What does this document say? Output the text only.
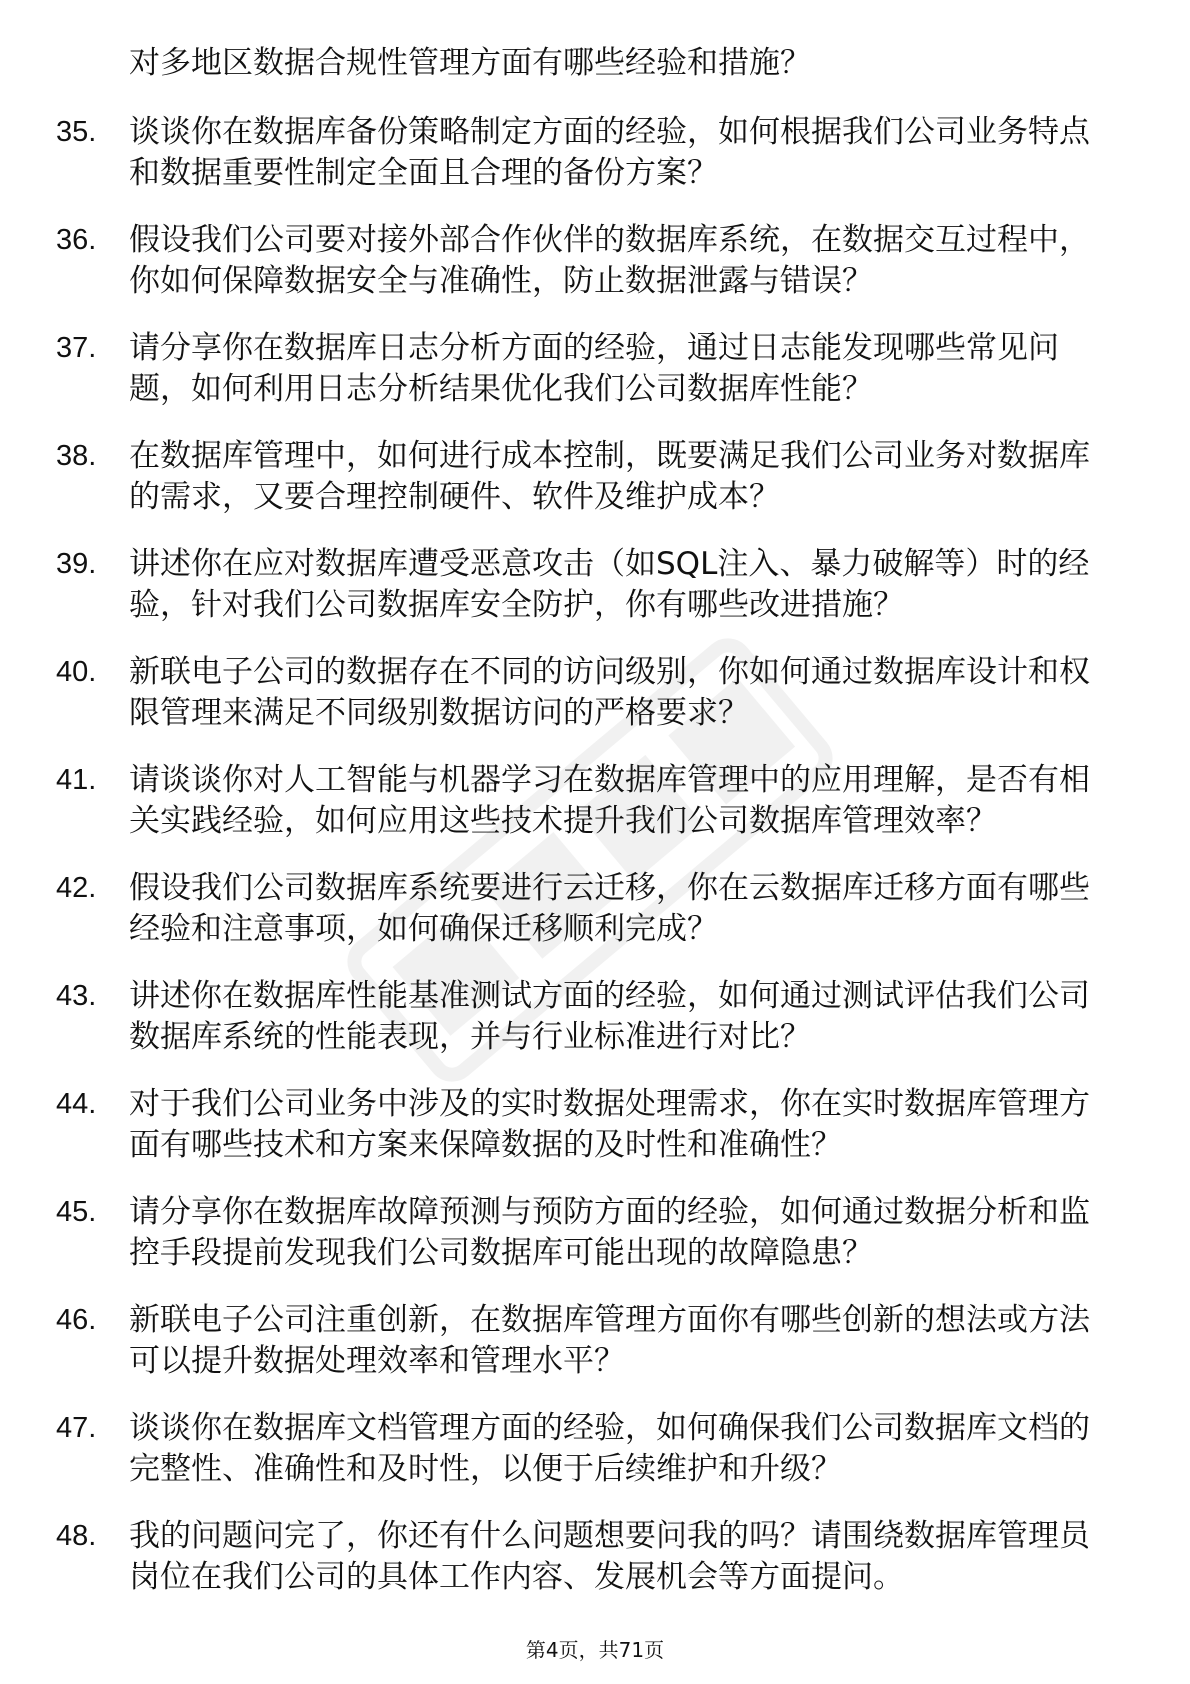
对多地区数据合规性管理方面有哪些经验和措施？
35.	谈谈你在数据库备份策略制定方面的经验，如何根据我们公司业务特点和数据重要性制定全面且合理的备份方案？
36.	假设我们公司要对接外部合作伙伴的数据库系统，在数据交互过程中，你如何保障数据安全与准确性，防止数据泄露与错误？
37.	请分享你在数据库日志分析方面的经验，通过日志能发现哪些常见问题，如何利用日志分析结果优化我们公司数据库性能？
38.	在数据库管理中，如何进行成本控制，既要满足我们公司业务对数据库的需求，又要合理控制硬件、软件及维护成本？
39.	讲述你在应对数据库遭受恶意攻击（如SQL注入、暴力破解等）时的经验，针对我们公司数据库安全防护，你有哪些改进措施？
40.	新联电子公司的数据存在不同的访问级别，你如何通过数据库设计和权限管理来满足不同级别数据访问的严格要求？
41.	请谈谈你对人工智能与机器学习在数据库管理中的应用理解，是否有相关实践经验，如何应用这些技术提升我们公司数据库管理效率？
42.	假设我们公司数据库系统要进行云迁移，你在云数据库迁移方面有哪些经验和注意事项，如何确保迁移顺利完成？
43.	讲述你在数据库性能基准测试方面的经验，如何通过测试评估我们公司数据库系统的性能表现，并与行业标准进行对比？
44.	对于我们公司业务中涉及的实时数据处理需求，你在实时数据库管理方面有哪些技术和方案来保障数据的及时性和准确性？
45.	请分享你在数据库故障预测与预防方面的经验，如何通过数据分析和监控手段提前发现我们公司数据库可能出现的故障隐患？
46.	新联电子公司注重创新，在数据库管理方面你有哪些创新的想法或方法可以提升数据处理效率和管理水平？
47.	谈谈你在数据库文档管理方面的经验，如何确保我们公司数据库文档的完整性、准确性和及时性，以便于后续维护和升级？
48.	我的问题问完了，你还有什么问题想要问我的吗？请围绕数据库管理员岗位在我们公司的具体工作内容、发展机会等方面提问。
第4页，共71页
